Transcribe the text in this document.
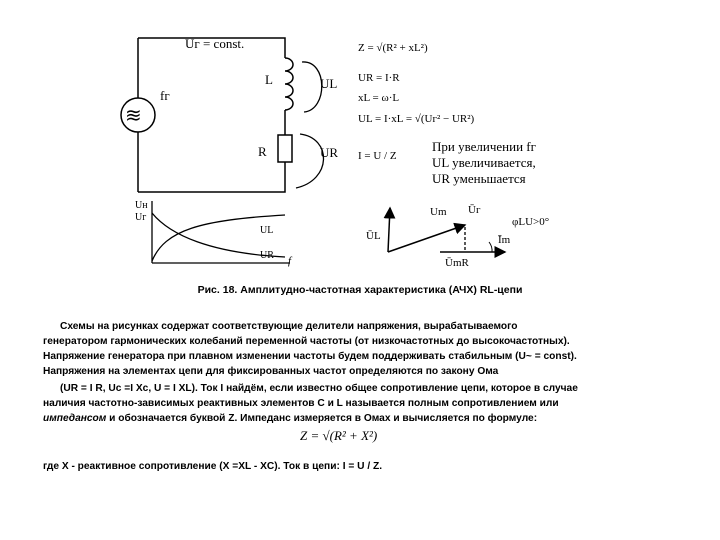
≋
Uг = const.
fг
L	UL
R	UR
Z = √(R² + xL²)
UR = I·R
xL = ω·L
UL = I·xL = √(Uг² − UR²)
I = U / Z
При увеличении fг
UL увеличивается,
UR уменьшается
Uн
Uг
UL
UR f
Um Ūг
φLU>0°
ŪL	Īm
ŪmR
Рис. 18. Амплитудно-частотная характеристика (АЧХ) RL-цепи
Схемы на рисунках содержат соответствующие делители напряжения, вырабатываемого
генератором гармонических колебаний переменной частоты (от низкочастотных до высокочастотных).
Напряжение генератора при плавном изменении частоты будем поддерживать стабильным (U~ = const).
Напряжения на элементах цепи для фиксированных частот определяются по закону Ома
(UR = I R, Uc =I Xc, U = I XL). Ток I найдём, если известно общее сопротивление цепи, которое в случае
наличия частотно-зависимых реактивных элементов С и L называется полным сопротивлением или
импедансом и обозначается буквой Z. Импеданс измеряется в Омах и вычисляется по формуле:
Z = √(R² + X²)
где X - реактивное сопротивление (X =XL - XC). Ток в цепи: I = U / Z.
